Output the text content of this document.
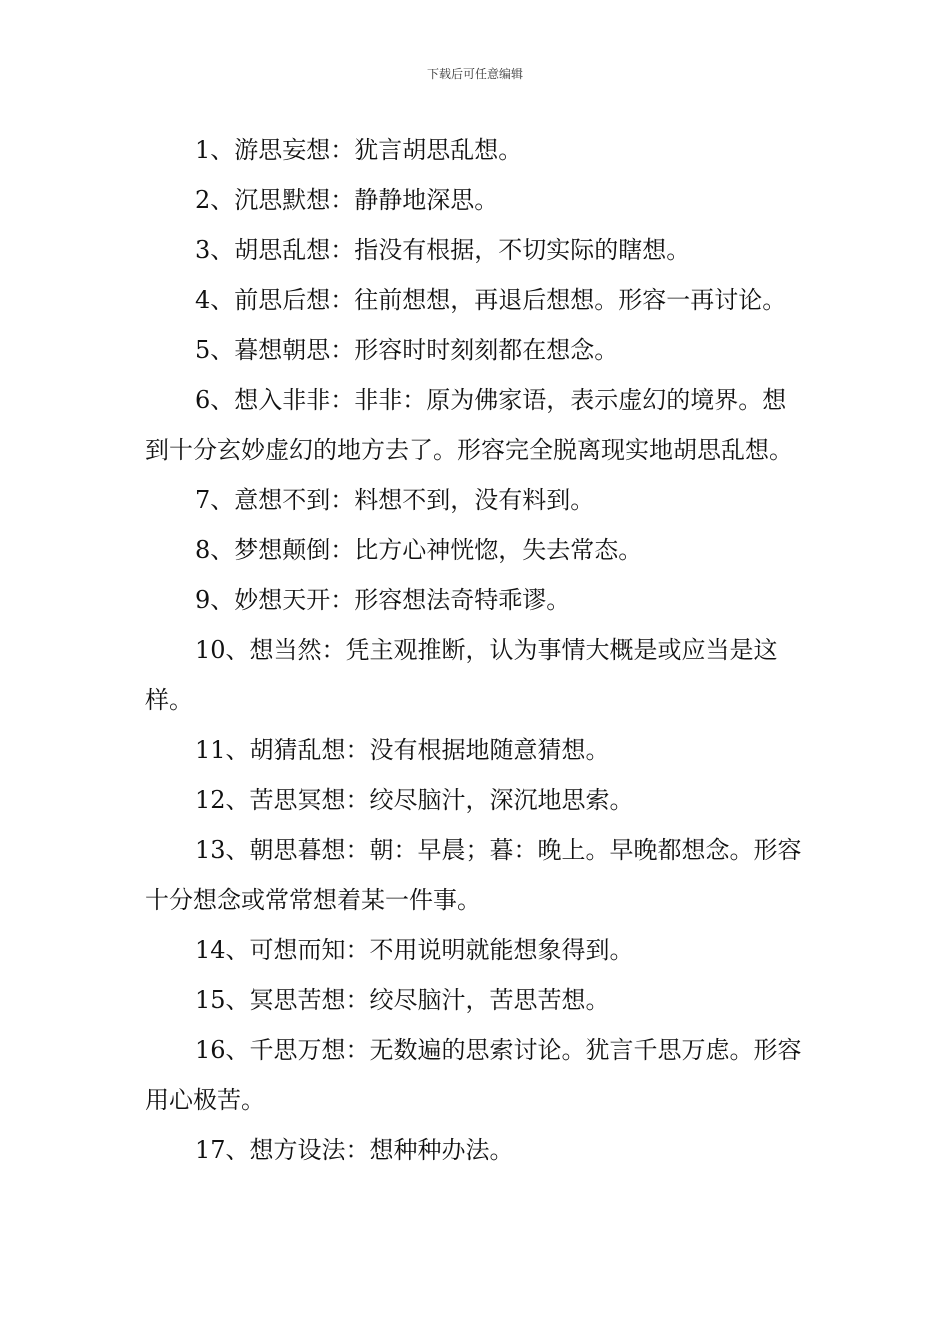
下载后可任意编辑

1、游思妄想：犹言胡思乱想。

2、沉思默想：静静地深思。

3、胡思乱想：指没有根据，不切实际的瞎想。

4、前思后想：往前想想，再退后想想。形容一再讨论。

5、暮想朝思：形容时时刻刻都在想念。

6、想入非非：非非：原为佛家语，表示虚幻的境界。想到十分玄妙虚幻的地方去了。形容完全脱离现实地胡思乱想。

7、意想不到：料想不到，没有料到。

8、梦想颠倒：比方心神恍惚，失去常态。

9、妙想天开：形容想法奇特乖谬。

10、想当然：凭主观推断，认为事情大概是或应当是这样。

11、胡猜乱想：没有根据地随意猜想。

12、苦思冥想：绞尽脑汁，深沉地思索。

13、朝思暮想：朝：早晨；暮：晚上。早晚都想念。形容十分想念或常常想着某一件事。

14、可想而知：不用说明就能想象得到。

15、冥思苦想：绞尽脑汁，苦思苦想。

16、千思万想：无数遍的思索讨论。犹言千思万虑。形容用心极苦。

17、想方设法：想种种办法。
